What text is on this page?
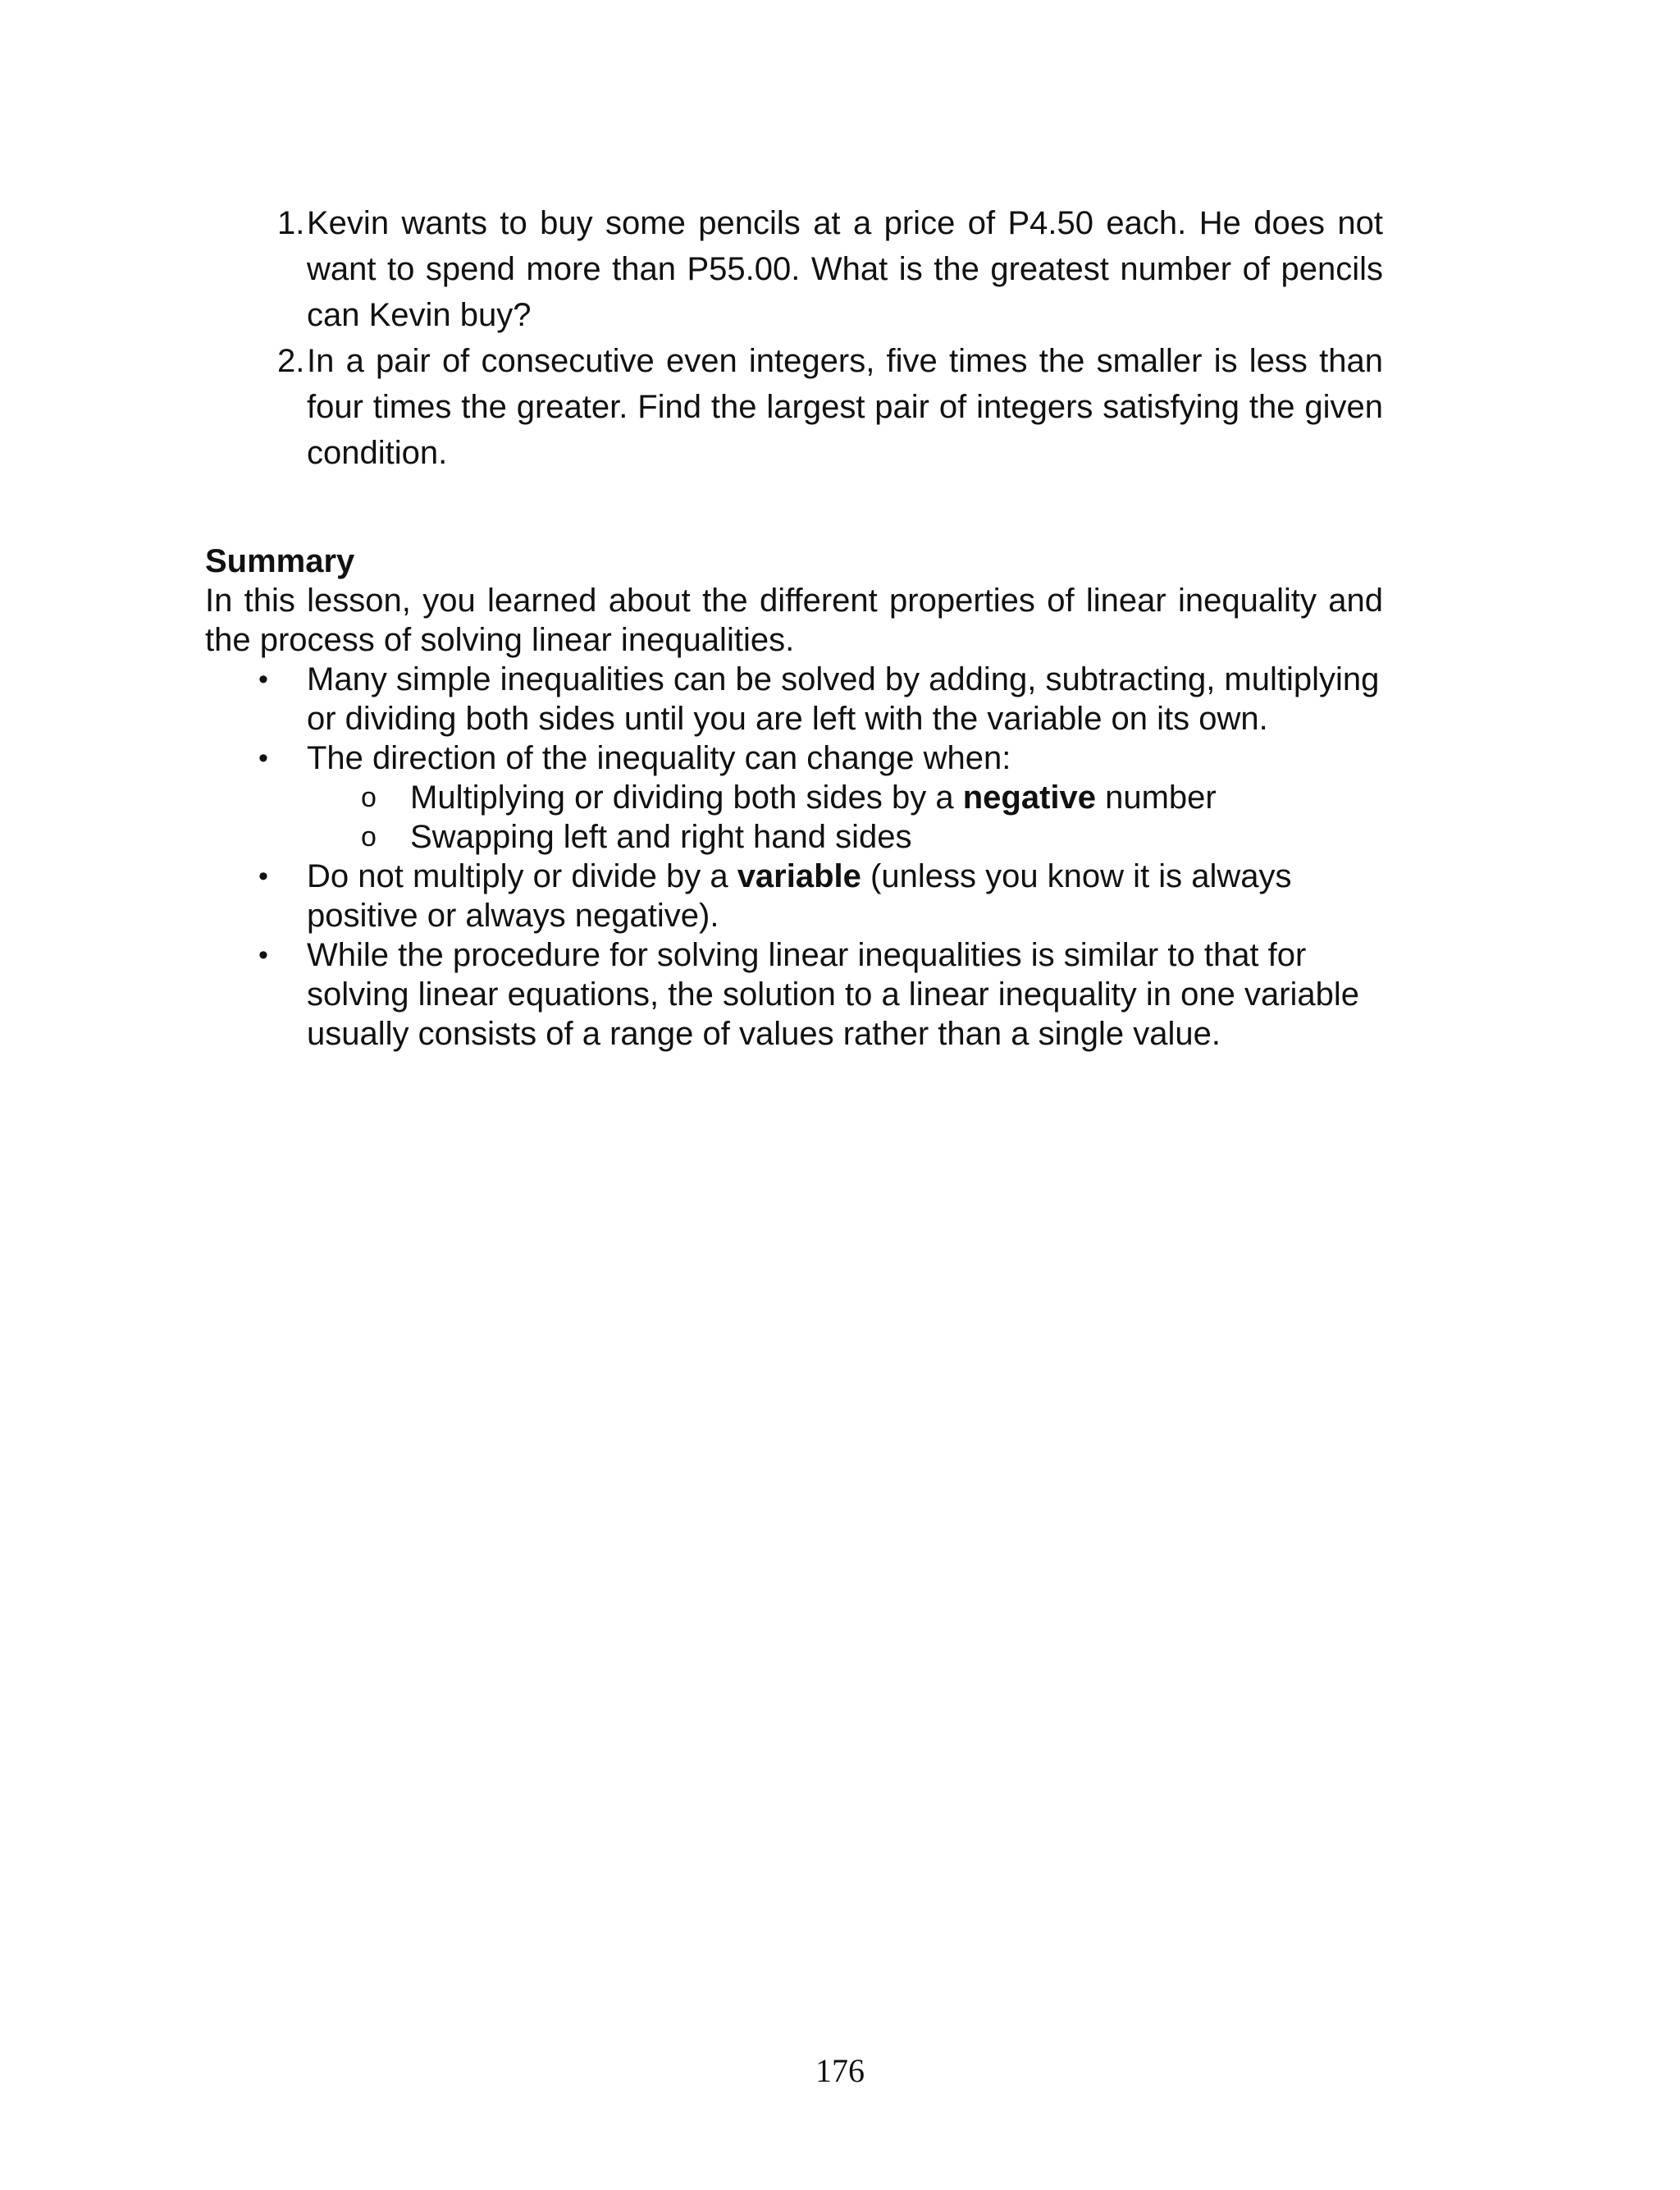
1. Kevin wants to buy some pencils at a price of P4.50 each. He does not want to spend more than P55.00. What is the greatest number of pencils can Kevin buy?
2. In a pair of consecutive even integers, five times the smaller is less than four times the greater. Find the largest pair of integers satisfying the given condition.
Summary
In this lesson, you learned about the different properties of linear inequality and the process of solving linear inequalities.
•	Many simple inequalities can be solved by adding, subtracting, multiplying or dividing both sides until you are left with the variable on its own.
•	The direction of the inequality can change when:
o	Multiplying or dividing both sides by a negative number
o	Swapping left and right hand sides
•	Do not multiply or divide by a variable (unless you know it is always positive or always negative).
•	While the procedure for solving linear inequalities is similar to that for solving linear equations, the solution to a linear inequality in one variable usually consists of a range of values rather than a single value.
176
